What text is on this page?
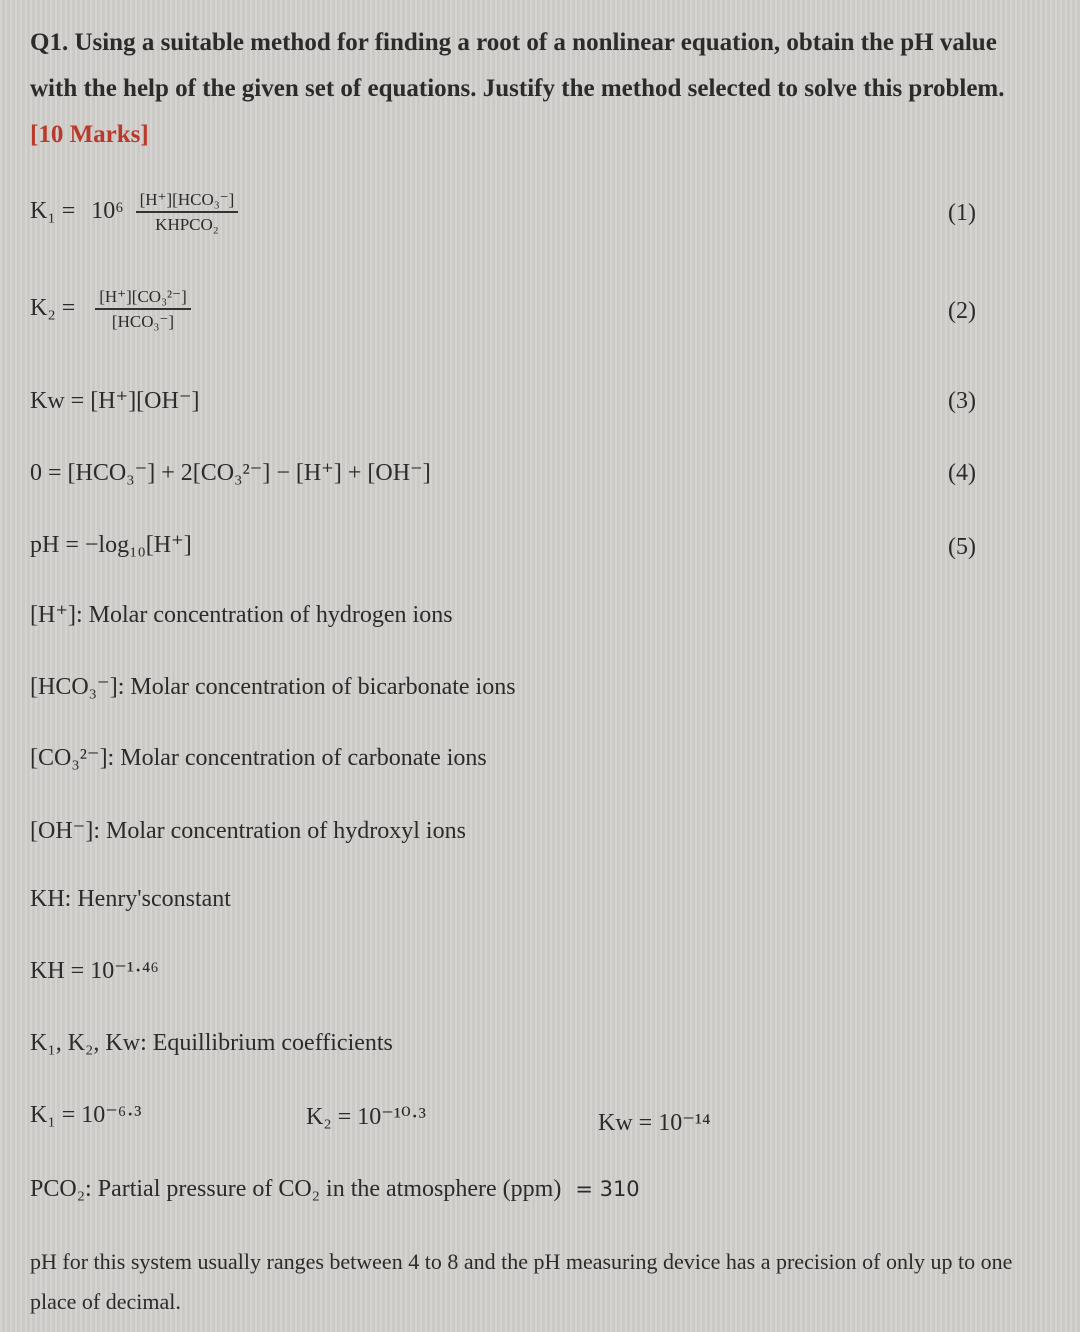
Q1. Using a suitable method for finding a root of a nonlinear equation, obtain the pH value with the help of the given set of equations. Justify the method selected to solve this problem. [10 Marks]
$K_1 = 10^6 \frac{\text{[H⁺][HCO₃⁻]}}{\text{KHPCO₂}}$	(1)
$K_2 = \frac{\text{[H⁺][CO₃²⁻]}}{\text{[HCO₃⁻]}}$	(2)
Kw = [H⁺][OH⁻]	(3)
0 = [HCO₃⁻] + 2[CO₃²⁻] − [H⁺] + [OH⁻]	(4)
pH = −log₁₀[H⁺]	(5)
[H⁺]: Molar concentration of hydrogen ions
[HCO₃⁻]: Molar concentration of bicarbonate ions
[CO₃²⁻]: Molar concentration of carbonate ions
[OH⁻]: Molar concentration of hydroxyl ions
KH: Henry'sconstant
KH = 10⁻¹·⁴⁶
K₁, K₂, Kw: Equillibrium coefficients
K₁ = 10⁻⁶·³	K₂ = 10⁻¹⁰·³	Kw = 10⁻¹⁴
PCO₂: Partial pressure of CO₂ in the atmosphere (ppm) = 310
pH for this system usually ranges between 4 to 8 and the pH measuring device has a precision of only up to one place of decimal.
